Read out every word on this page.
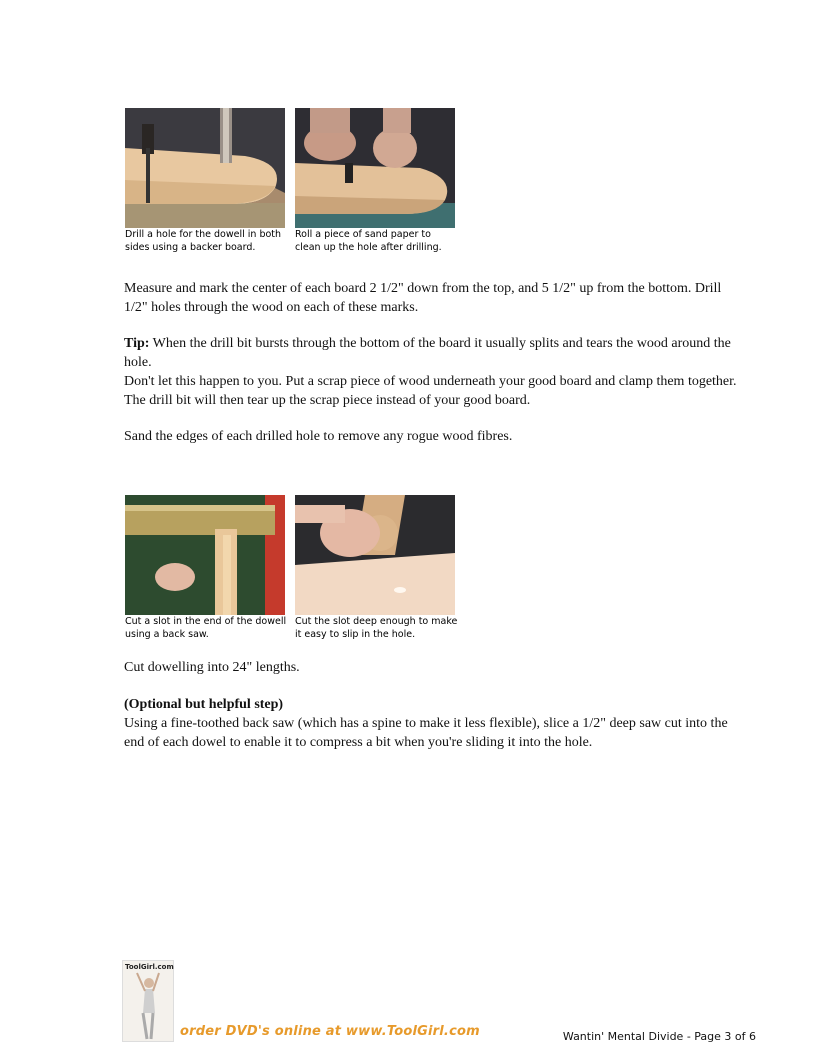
Drill a hole for the dowell in both sides using a backer board.
Roll a piece of sand paper to clean up the hole after drilling.
Measure and mark the center of each board 2 1/2" down from the top, and 5 1/2" up from the bottom. Drill 1/2" holes through the wood on each of these marks.
Tip: When the drill bit bursts through the bottom of the board it usually splits and tears the wood around the hole.
Don't let this happen to you. Put a scrap piece of wood underneath your good board and clamp them together. The drill bit will then tear up the scrap piece instead of your good board.
Sand the edges of each drilled hole to remove any rogue wood fibres.
Cut a slot in the end of the dowell using a back saw.
Cut the slot deep enough to make it easy to slip in the hole.
Cut dowelling into 24" lengths.
(Optional but helpful step)
Using a fine-toothed back saw (which has a spine to make it less flexible), slice a 1/2" deep saw cut into the end of each dowel to enable it to compress a bit when you're sliding it into the hole.
ToolGirl.com
order DVD's online at www.ToolGirl.com	Wantin' Mental Divide - Page 3 of 6
